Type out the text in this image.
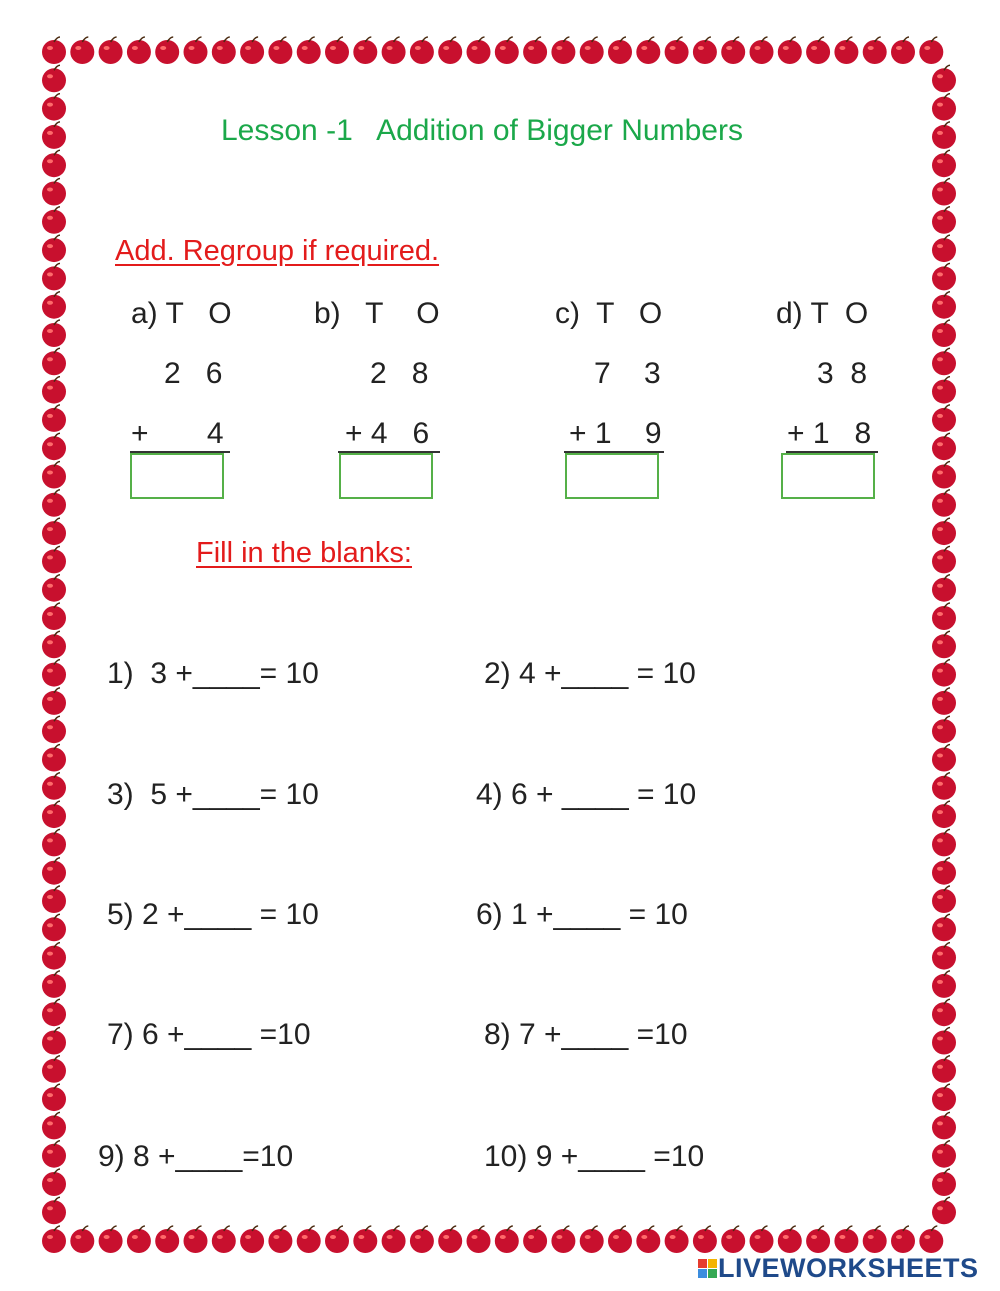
Lesson -1   Addition of Bigger Numbers
Add. Regroup if required.
a) T   O
2   6
+       4
b)   T    O
2   8
+ 4   6
c)  T   O
7    3
+ 1    9
d) T  O
3  8
+ 1   8
Fill in the blanks:
1)  3 +____= 10	2) 4 +____ = 10
3)  5 +____= 10	4) 6 + ____ = 10
5) 2 +____ = 10	6) 1 +____ = 10
7) 6 +____ =10	8) 7 +____ =10
9) 8 +____=10	10) 9 +____ =10
LIVEWORKSHEETS
